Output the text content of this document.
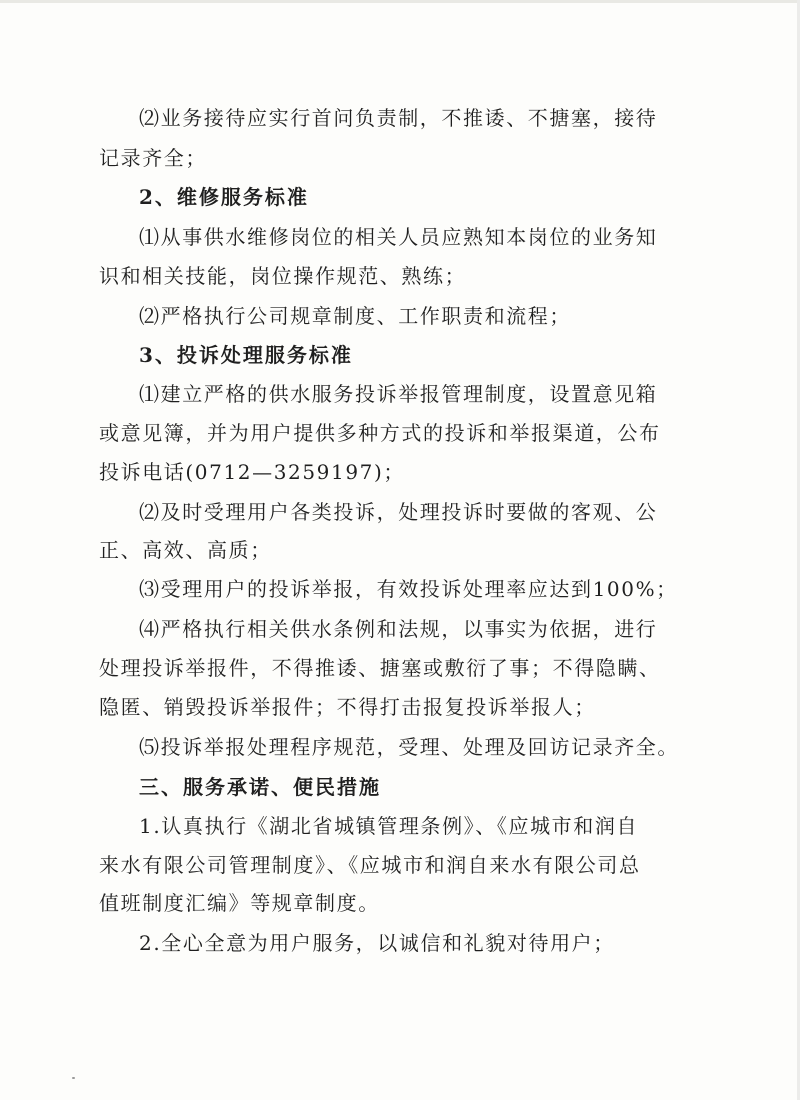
⑵业务接待应实行首问负责制，不推诿、不搪塞，接待
记录齐全；
2、维修服务标准
⑴从事供水维修岗位的相关人员应熟知本岗位的业务知
识和相关技能，岗位操作规范、熟练；
⑵严格执行公司规章制度、工作职责和流程；
3、投诉处理服务标准
⑴建立严格的供水服务投诉举报管理制度，设置意见箱
或意见簿，并为用户提供多种方式的投诉和举报渠道，公布
投诉电话(0712—3259197)；
⑵及时受理用户各类投诉，处理投诉时要做的客观、公
正、高效、高质；
⑶受理用户的投诉举报，有效投诉处理率应达到100%；
⑷严格执行相关供水条例和法规，以事实为依据，进行
处理投诉举报件，不得推诿、搪塞或敷衍了事；不得隐瞒、
隐匿、销毁投诉举报件；不得打击报复投诉举报人；
⑸投诉举报处理程序规范，受理、处理及回访记录齐全。
三、服务承诺、便民措施
1.认真执行《湖北省城镇管理条例》、《应城市和润自
来水有限公司管理制度》、《应城市和润自来水有限公司总
值班制度汇编》等规章制度。
2.全心全意为用户服务，以诚信和礼貌对待用户；
